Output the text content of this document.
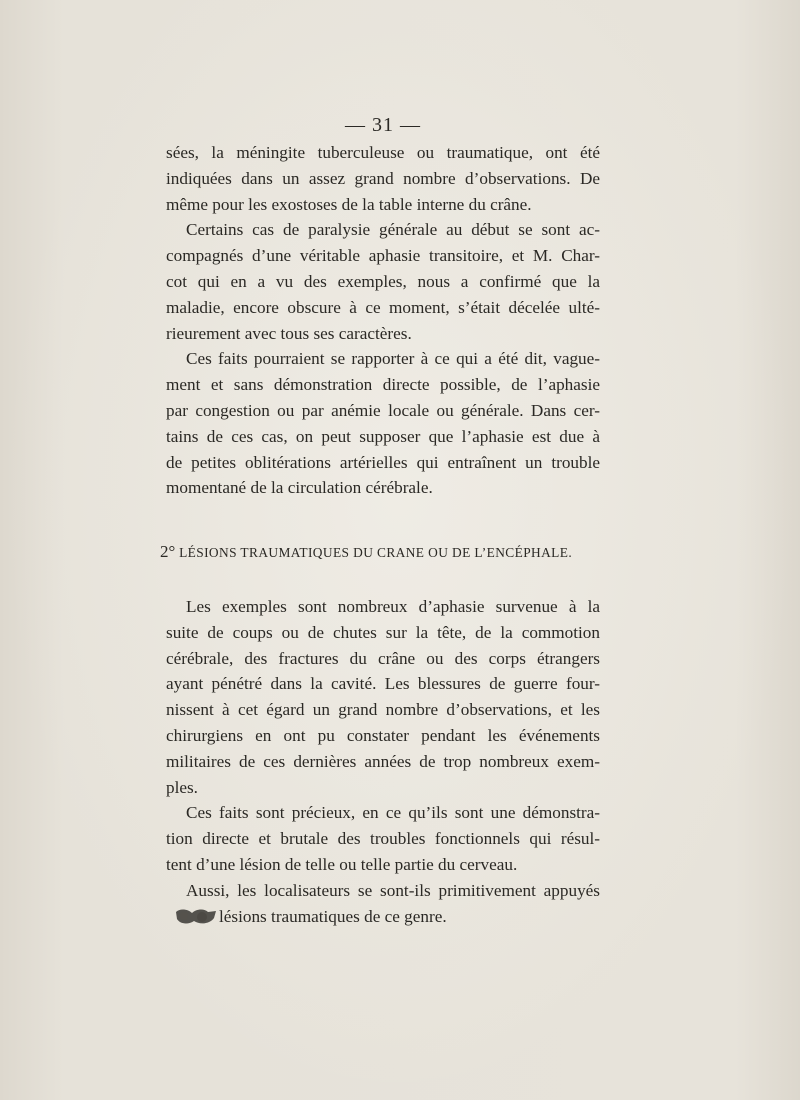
— 31 —
sées, la méningite tuberculeuse ou traumatique, ont été
indiquées dans un assez grand nombre d’observations. De
même pour les exostoses de la table interne du crâne.
Certains cas de paralysie générale au début se sont ac-
compagnés d’une véritable aphasie transitoire, et M. Char-
cot qui en a vu des exemples, nous a confirmé que la
maladie, encore obscure à ce moment, s’était décelée ulté-
rieurement avec tous ses caractères.
Ces faits pourraient se rapporter à ce qui a été dit, vague-
ment et sans démonstration directe possible, de l’aphasie
par congestion ou par anémie locale ou générale. Dans cer-
tains de ces cas, on peut supposer que l’aphasie est due à
de petites oblitérations artérielles qui entraînent un trouble
momentané de la circulation cérébrale.
2° LÉSIONS TRAUMATIQUES DU CRANE OU DE L’ENCÉPHALE.
Les exemples sont nombreux d’aphasie survenue à la
suite de coups ou de chutes sur la tête, de la commotion
cérébrale, des fractures du crâne ou des corps étrangers
ayant pénétré dans la cavité. Les blessures de guerre four-
nissent à cet égard un grand nombre d’observations, et les
chirurgiens en ont pu constater pendant les événements
militaires de ces dernières années de trop nombreux exem-
ples.
Ces faits sont précieux, en ce qu’ils sont une démonstra-
tion directe et brutale des troubles fonctionnels qui résul-
tent d’une lésion de telle ou telle partie du cerveau.
Aussi, les localisateurs se sont-ils primitivement appuyés
lésions traumatiques de ce genre.
